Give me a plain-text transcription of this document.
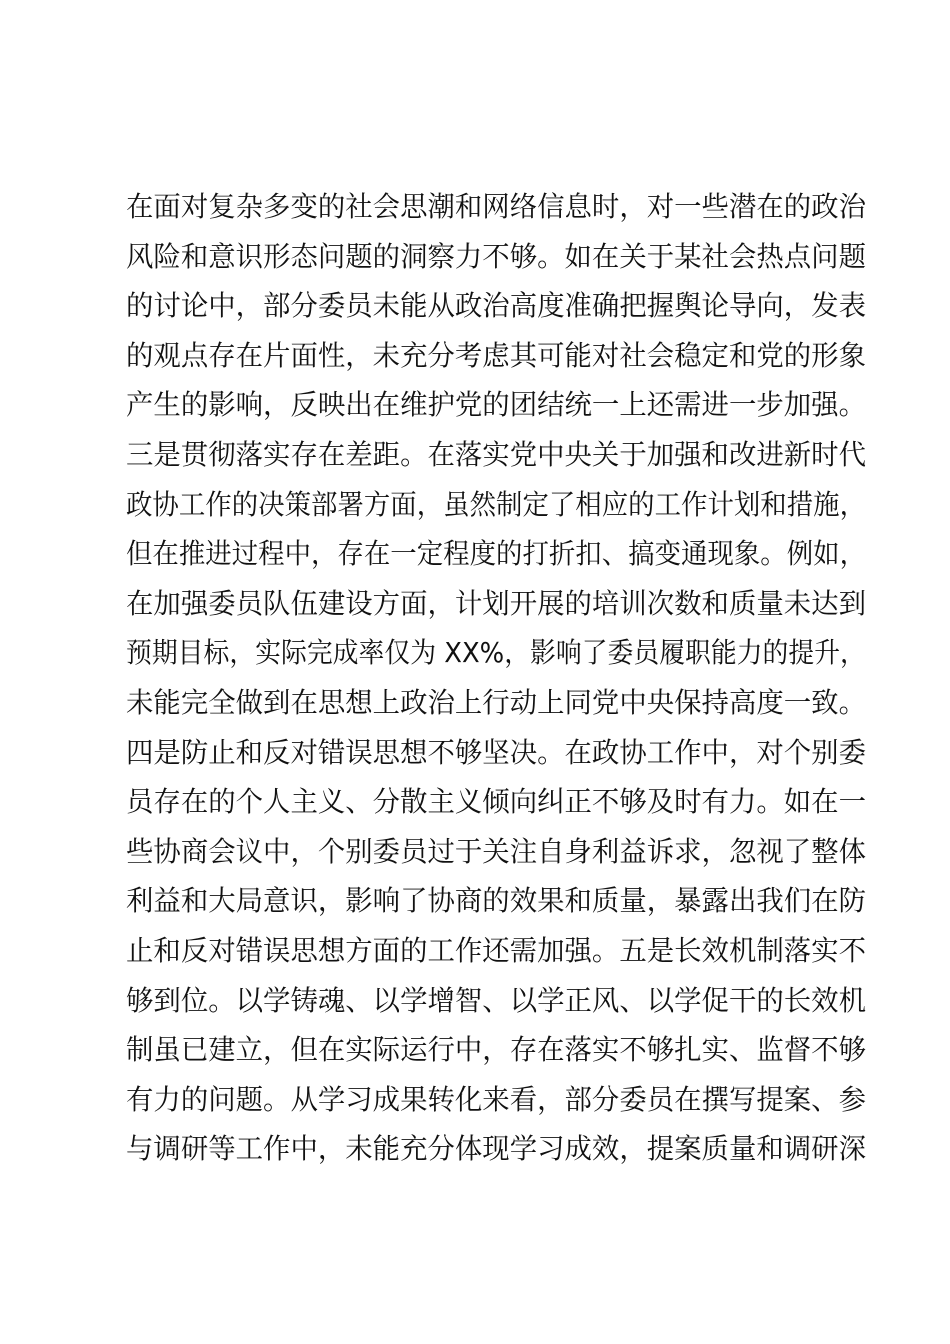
在面对复杂多变的社会思潮和网络信息时，对一些潜在的政治
风险和意识形态问题的洞察力不够。如在关于某社会热点问题
的讨论中，部分委员未能从政治高度准确把握舆论导向，发表
的观点存在片面性，未充分考虑其可能对社会稳定和党的形象
产生的影响，反映出在维护党的团结统一上还需进一步加强。
三是贯彻落实存在差距。在落实党中央关于加强和改进新时代
政协工作的决策部署方面，虽然制定了相应的工作计划和措施，
但在推进过程中，存在一定程度的打折扣、搞变通现象。例如，
在加强委员队伍建设方面，计划开展的培训次数和质量未达到
预期目标，实际完成率仅为 XX%，影响了委员履职能力的提升，
未能完全做到在思想上政治上行动上同党中央保持高度一致。
四是防止和反对错误思想不够坚决。在政协工作中，对个别委
员存在的个人主义、分散主义倾向纠正不够及时有力。如在一
些协商会议中，个别委员过于关注自身利益诉求，忽视了整体
利益和大局意识，影响了协商的效果和质量，暴露出我们在防
止和反对错误思想方面的工作还需加强。五是长效机制落实不
够到位。以学铸魂、以学增智、以学正风、以学促干的长效机
制虽已建立，但在实际运行中，存在落实不够扎实、监督不够
有力的问题。从学习成果转化来看，部分委员在撰写提案、参
与调研等工作中，未能充分体现学习成效，提案质量和调研深
